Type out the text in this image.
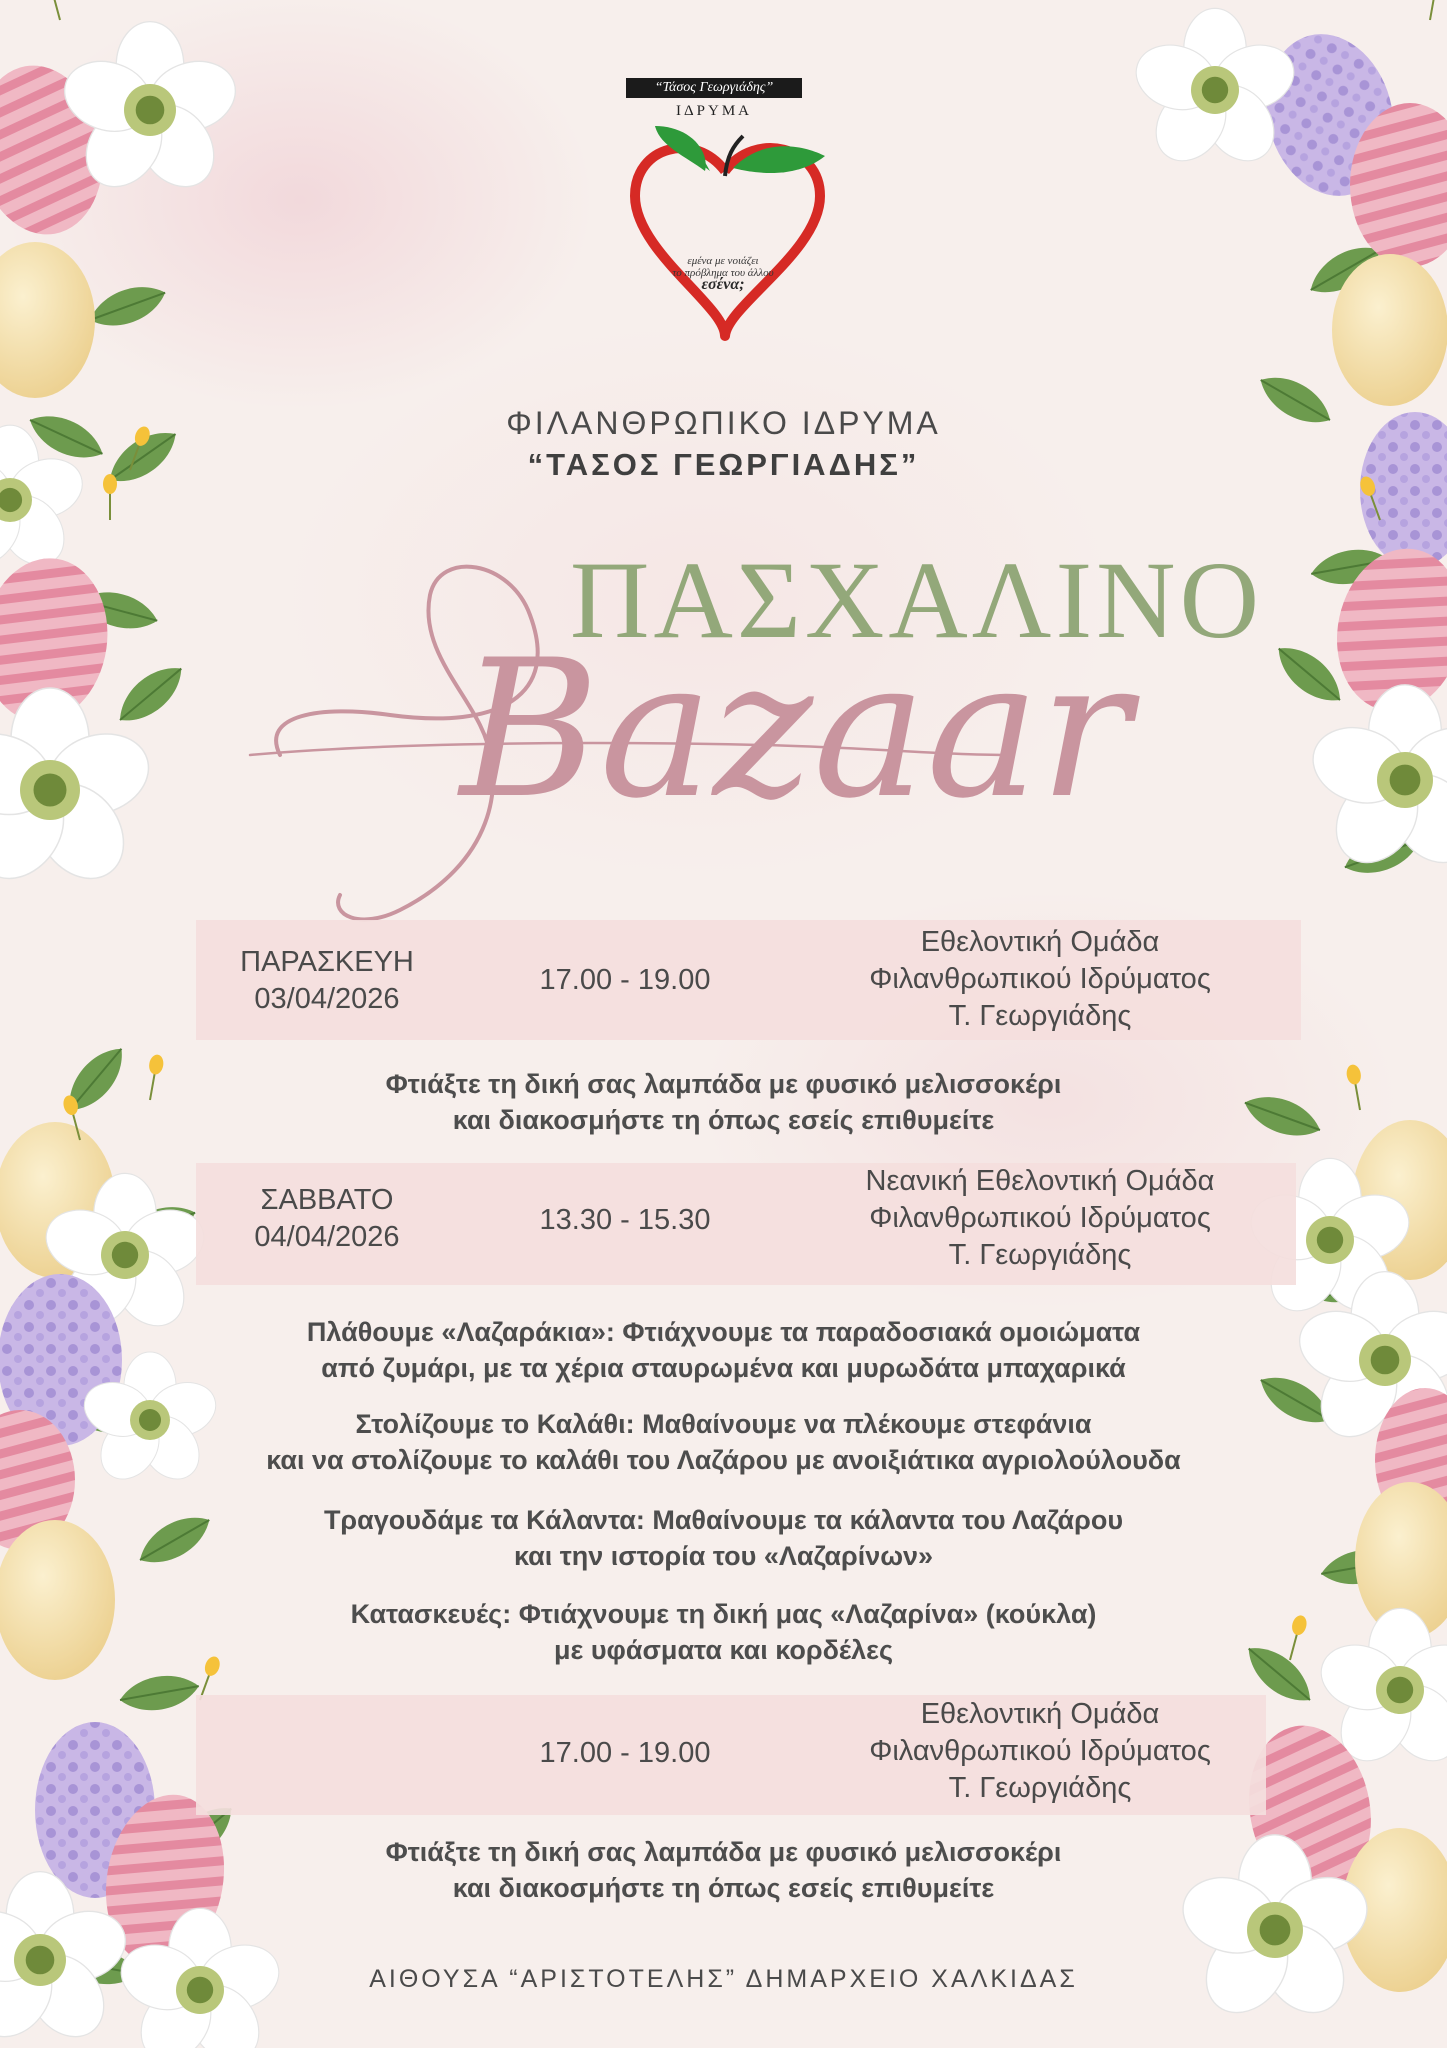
“Τάσος Γεωργιάδης”
ΙΔΡΥΜΑ
εμένα με νοιάζει
το πρόβλημα του άλλου
εσένα;
ΦΙΛΑΝΘΡΩΠΙΚΟ ΙΔΡΥΜΑ
“ΤΑΣΟΣ ΓΕΩΡΓΙΑΔΗΣ”
Bazaar
ΠΑΣΧΑΛΙΝΟ
ΠΑΡΑΣΚΕΥΗ
03/04/2026
17.00 - 19.00
Εθελοντική Ομάδα
Φιλανθρωπικού Ιδρύματος
Τ. Γεωργιάδης
Φτιάξτε τη δική σας λαμπάδα με φυσικό μελισσοκέρι
και διακοσμήστε τη όπως εσείς επιθυμείτε
ΣΑΒΒΑΤΟ
04/04/2026
13.30 - 15.30
Νεανική Εθελοντική Ομάδα
Φιλανθρωπικού Ιδρύματος
Τ. Γεωργιάδης
Πλάθουμε «Λαζαράκια»: Φτιάχνουμε τα παραδοσιακά ομοιώματα
από ζυμάρι, με τα χέρια σταυρωμένα και μυρωδάτα μπαχαρικά
Στολίζουμε το Καλάθι: Μαθαίνουμε να πλέκουμε στεφάνια
και να στολίζουμε το καλάθι του Λαζάρου με ανοιξιάτικα αγριολούλουδα
Τραγουδάμε τα Κάλαντα: Μαθαίνουμε τα κάλαντα του Λαζάρου
και την ιστορία του «Λαζαρίνων»
Κατασκευές: Φτιάχνουμε τη δική μας «Λαζαρίνα» (κούκλα)
με υφάσματα και κορδέλες
17.00 - 19.00
Εθελοντική Ομάδα
Φιλανθρωπικού Ιδρύματος
Τ. Γεωργιάδης
Φτιάξτε τη δική σας λαμπάδα με φυσικό μελισσοκέρι
και διακοσμήστε τη όπως εσείς επιθυμείτε
ΑΙΘΟΥΣΑ “ΑΡΙΣΤΟΤΕΛΗΣ” ΔΗΜΑΡΧΕΙΟ ΧΑΛΚΙΔΑΣ
